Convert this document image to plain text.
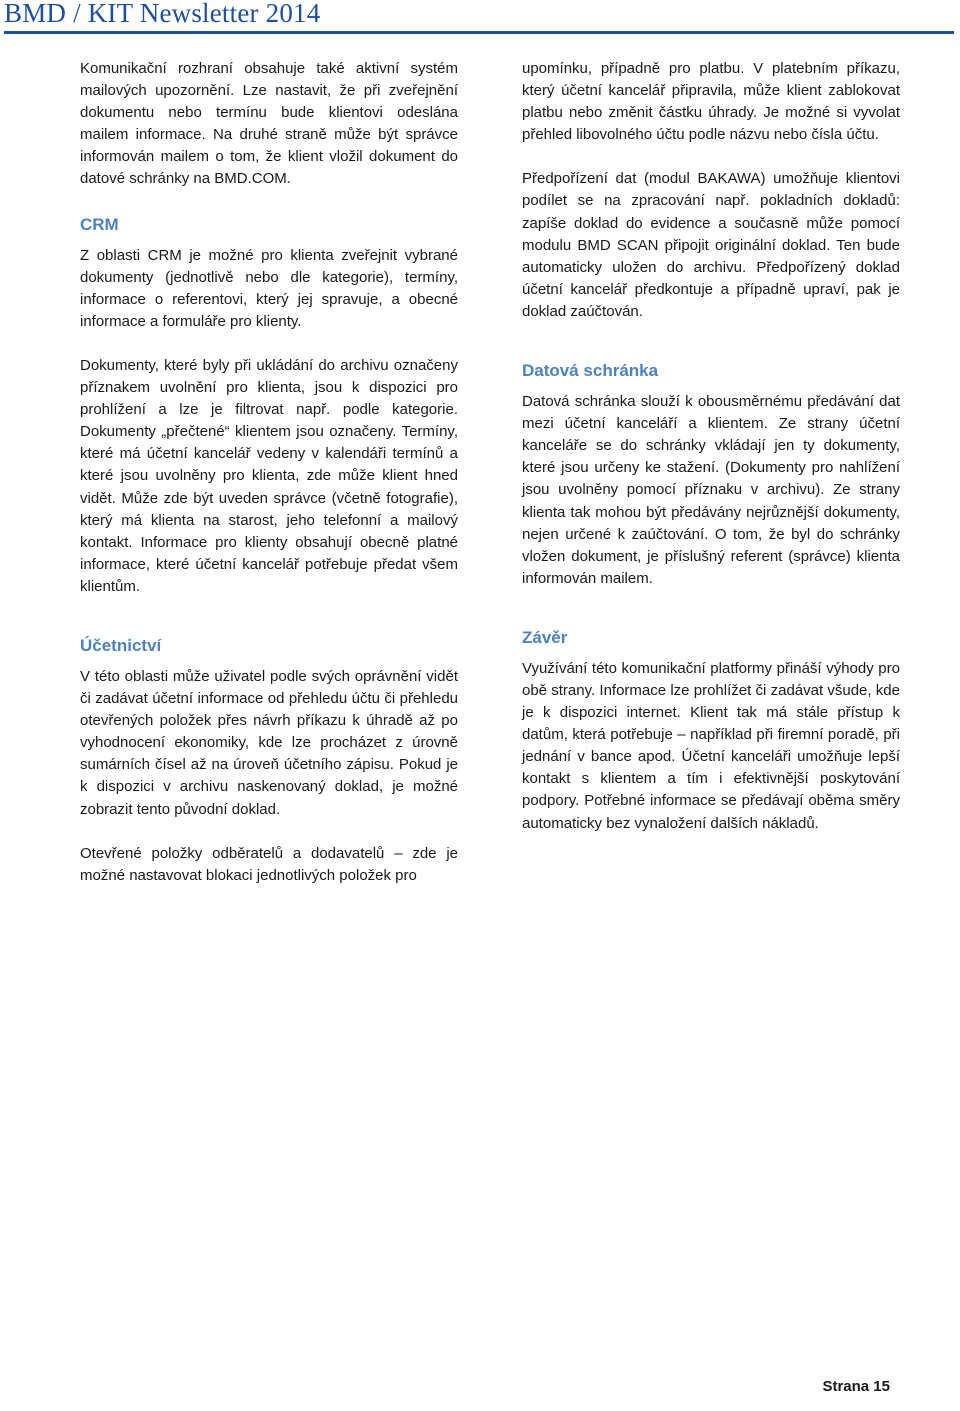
BMD / KIT Newsletter 2014

Komunikační rozhraní obsahuje také aktivní systém mailových upozornění. Lze nastavit, že při zveřejnění dokumentu nebo termínu bude klientovi odeslána mailem informace. Na druhé straně může být správce informován mailem o tom, že klient vložil dokument do datové schránky na BMD.COM.

CRM

Z oblasti CRM je možné pro klienta zveřejnit vybrané dokumenty (jednotlivě nebo dle kategorie), termíny, informace o referentovi, který jej spravuje, a obecné informace a formuláře pro klienty.

Dokumenty, které byly při ukládání do archivu označeny příznakem uvolnění pro klienta, jsou k dispozici pro prohlížení a lze je filtrovat např. podle kategorie. Dokumenty „přečtené“ klientem jsou označeny. Termíny, které má účetní kancelář vedeny v kalendáři termínů a které jsou uvolněny pro klienta, zde může klient hned vidět. Může zde být uveden správce (včetně fotografie), který má klienta na starost, jeho telefonní a mailový kontakt. Informace pro klienty obsahují obecně platné informace, které účetní kancelář potřebuje předat všem klientům.

Účetnictví

V této oblasti může uživatel podle svých oprávnění vidět či zadávat účetní informace od přehledu účtu či přehledu otevřených položek přes návrh příkazu k úhradě až po vyhodnocení ekonomiky, kde lze procházet z úrovně sumárních čísel až na úroveň účetního zápisu. Pokud je k dispozici v archivu naskenovaný doklad, je možné zobrazit tento původní doklad.

Otevřené položky odběratelů a dodavatelů – zde je možné nastavovat blokaci jednotlivých položek pro

upomínku, případně pro platbu. V platebním příkazu, který účetní kancelář připravila, může klient zablokovat platbu nebo změnit částku úhrady. Je možné si vyvolat přehled libovolného účtu podle názvu nebo čísla účtu.

Předpořízení dat (modul BAKAWA) umožňuje klientovi podílet se na zpracování např. pokladních dokladů: zapíše doklad do evidence a současně může pomocí modulu BMD SCAN připojit originální doklad. Ten bude automaticky uložen do archivu. Předpořízený doklad účetní kancelář předkontuje a případně upraví, pak je doklad zaúčtován.

Datová schránka

Datová schránka slouží k obousměrnému předávání dat mezi účetní kanceláří a klientem. Ze strany účetní kanceláře se do schránky vkládají jen ty dokumenty, které jsou určeny ke stažení. (Dokumenty pro nahlížení jsou uvolněny pomocí příznaku v archivu). Ze strany klienta tak mohou být předávány nejrůznější dokumenty, nejen určené k zaúčtování. O tom, že byl do schránky vložen dokument, je příslušný referent (správce) klienta informován mailem.

Závěr

Využívání této komunikační platformy přináší výhody pro obě strany. Informace lze prohlížet či zadávat všude, kde je k dispozici internet. Klient tak má stále přístup k datům, která potřebuje – například při firemní poradě, při jednání v bance apod. Účetní kanceláři umožňuje lepší kontakt s klientem a tím i efektivnější poskytování podpory. Potřebné informace se předávají oběma směry automaticky bez vynaložení dalších nákladů.

Strana 15
